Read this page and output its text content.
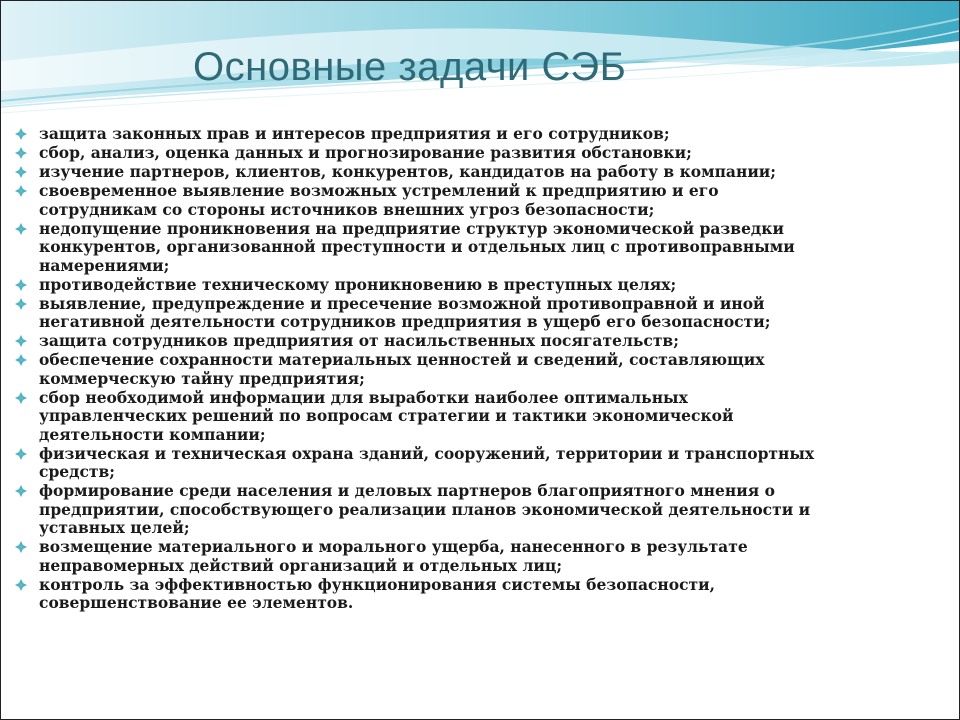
Основные задачи СЭБ
защита законных прав и интересов предприятия и его сотрудников;
сбор, анализ, оценка данных и прогнозирование развития обстановки;
изучение партнеров, клиентов, конкурентов, кандидатов на работу в компании;
своевременное выявление возможных устремлений к предприятию и его сотрудникам со стороны источников внешних угроз безопасности;
недопущение проникновения на предприятие структур экономической разведки конкурентов, организованной преступности и отдельных лиц с противоправными намерениями;
противодействие техническому проникновению в преступных целях;
выявление, предупреждение и пресечение возможной противоправной и иной негативной деятельности сотрудников предприятия в ущерб его безопасности;
защита сотрудников предприятия от насильственных посягательств;
обеспечение сохранности материальных ценностей и сведений, составляющих коммерческую тайну предприятия;
сбор необходимой информации для выработки наиболее оптимальных управленческих решений по вопросам стратегии и тактики экономической деятельности компании;
физическая и техническая охрана зданий, сооружений, территории и транспортных средств;
формирование среди населения и деловых партнеров благоприятного мнения о предприятии, способствующего реализации планов экономической деятельности и уставных целей;
возмещение материального и морального ущерба, нанесенного в результате неправомерных действий организаций и отдельных лиц;
контроль за эффективностью функционирования системы безопасности, совершенствование ее элементов.
